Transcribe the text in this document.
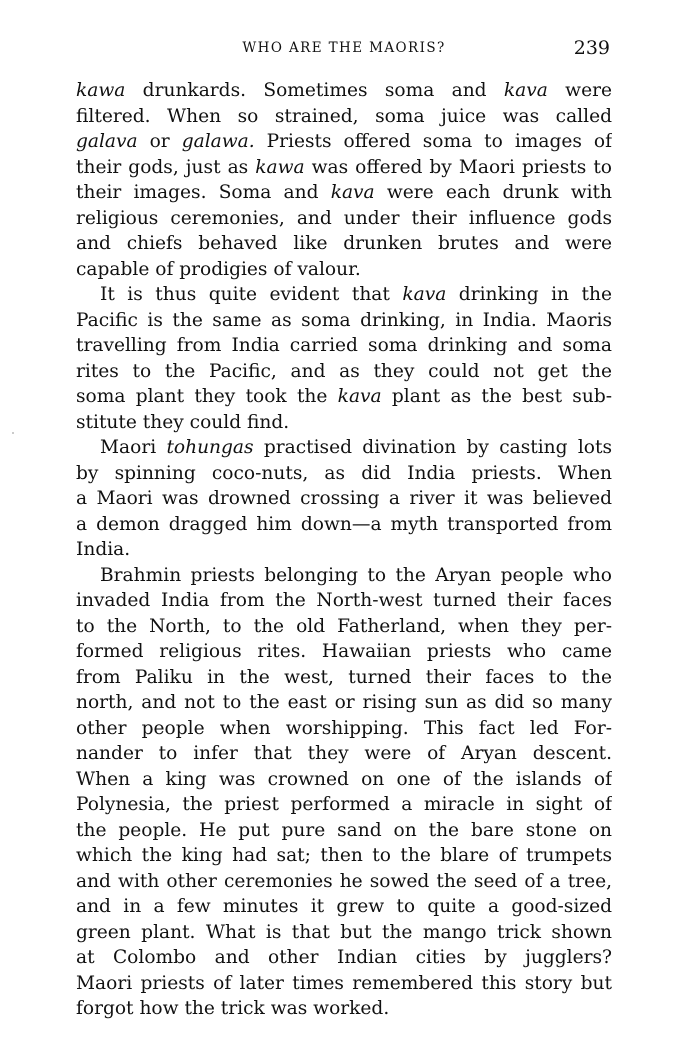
WHO ARE THE MAORIS?	239
kawa drunkards. Sometimes soma and kava were
filtered. When so strained, soma juice was called
galava or galawa. Priests offered soma to images of
their gods, just as kawa was offered by Maori priests to
their images. Soma and kava were each drunk with
religious ceremonies, and under their influence gods
and chiefs behaved like drunken brutes and were
capable of prodigies of valour.
It is thus quite evident that kava drinking in the
Pacific is the same as soma drinking, in India. Maoris
travelling from India carried soma drinking and soma
rites to the Pacific, and as they could not get the
soma plant they took the kava plant as the best sub-
stitute they could find.
Maori tohungas practised divination by casting lots
by spinning coco-nuts, as did India priests. When
a Maori was drowned crossing a river it was believed
a demon dragged him down—a myth transported from
India.
Brahmin priests belonging to the Aryan people who
invaded India from the North-west turned their faces
to the North, to the old Fatherland, when they per-
formed religious rites. Hawaiian priests who came
from Paliku in the west, turned their faces to the
north, and not to the east or rising sun as did so many
other people when worshipping. This fact led For-
nander to infer that they were of Aryan descent.
When a king was crowned on one of the islands of
Polynesia, the priest performed a miracle in sight of
the people. He put pure sand on the bare stone on
which the king had sat; then to the blare of trumpets
and with other ceremonies he sowed the seed of a tree,
and in a few minutes it grew to quite a good-sized
green plant. What is that but the mango trick shown
at Colombo and other Indian cities by jugglers?
Maori priests of later times remembered this story but
forgot how the trick was worked.
